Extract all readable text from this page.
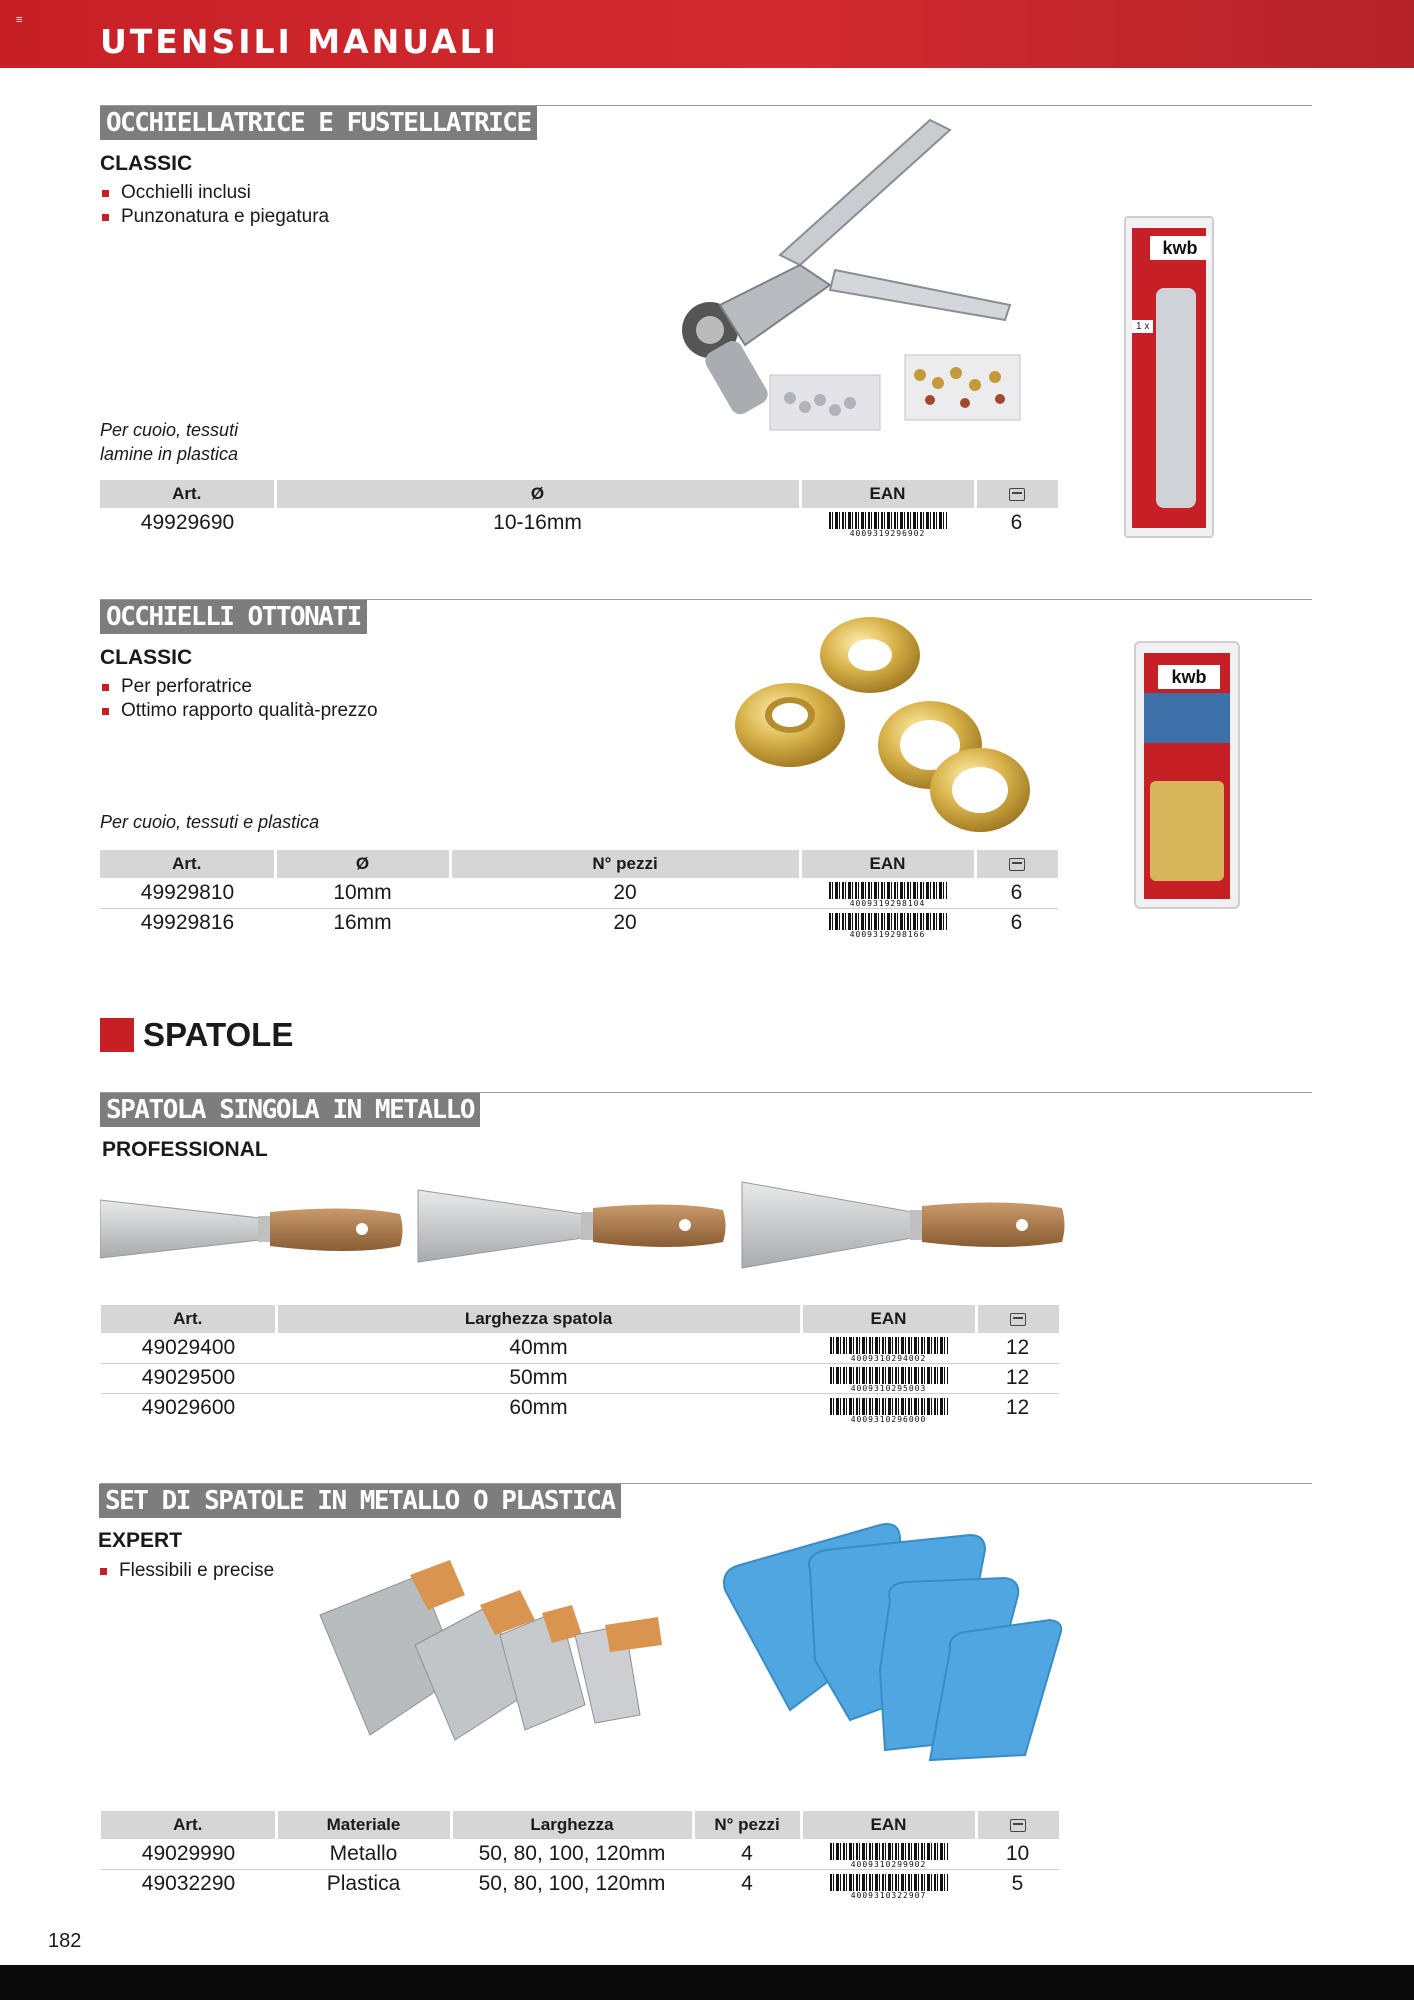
≡
UTENSILI MANUALI
OCCHIELLATRICE E FUSTELLATRICE
CLASSIC
Occhielli inclusi
Punzonatura e piegatura
Per cuoio, tessuti
lamine in plastica
kwb
1 x
Art.	Ø	EAN	
49929690	10-16mm	4009319296902	6
OCCHIELLI OTTONATI
CLASSIC
Per perforatrice
Ottimo rapporto qualità-prezzo
Per cuoio, tessuti e plastica
kwb
Art.	Ø	N° pezzi	EAN	
49929810	10mm	20	4009319298104	6
49929816	16mm	20	4009319298166	6
SPATOLE
SPATOLA SINGOLA IN METALLO
PROFESSIONAL
Art.	Larghezza spatola	EAN	
49029400	40mm	4009310294002	12
49029500	50mm	4009310295003	12
49029600	60mm	4009310296000	12
SET DI SPATOLE IN METALLO O PLASTICA
EXPERT
Flessibili e precise
Art.	Materiale	Larghezza	N° pezzi	EAN	
49029990	Metallo	50, 80, 100, 120mm	4	4009310299902	10
49032290	Plastica	50, 80, 100, 120mm	4	4009310322907	5
182
